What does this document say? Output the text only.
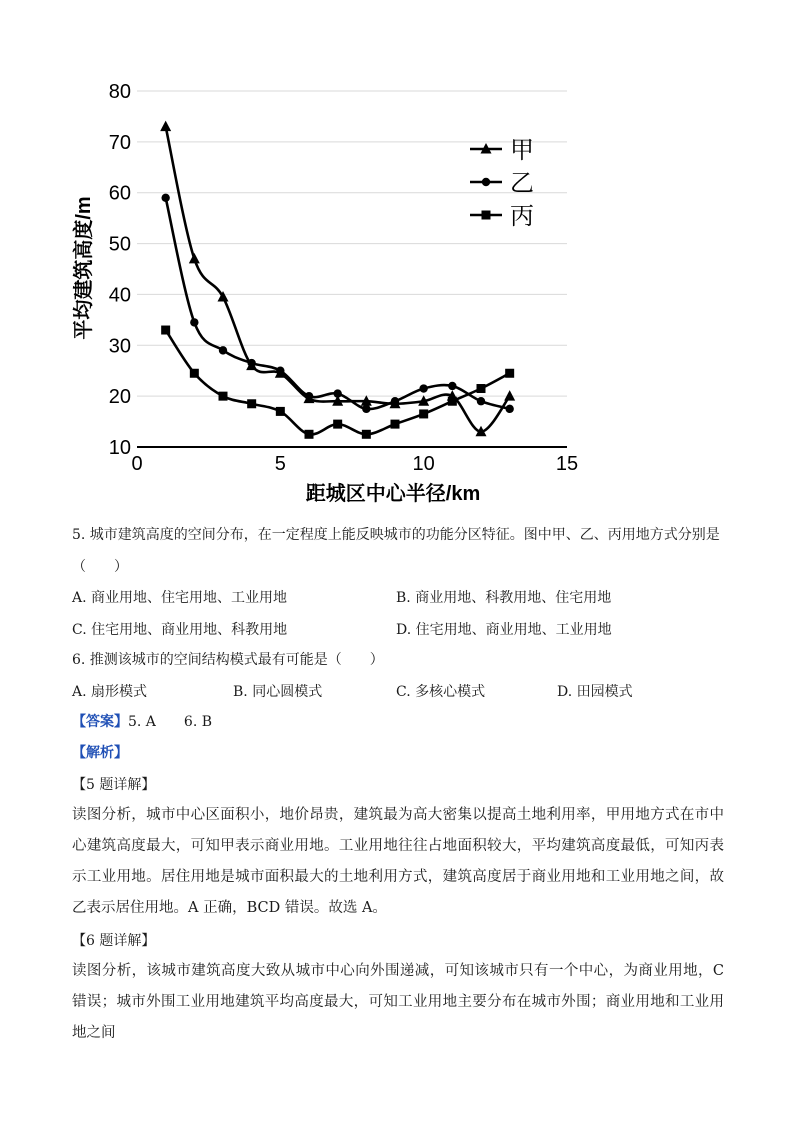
10
20
30
40
50
60
70
80
0	5	10	15
甲
乙
丙
平均建筑高度/m
距城区中心半径/km
5. 城市建筑高度的空间分布，在一定程度上能反映城市的功能分区特征。图中甲、乙、丙用地方式分别是
（　　）
A. 商业用地、住宅用地、工业用地	B. 商业用地、科教用地、住宅用地
C. 住宅用地、商业用地、科教用地	D. 住宅用地、商业用地、工业用地
6. 推测该城市的空间结构模式最有可能是（　　）
A. 扇形模式	B. 同心圆模式	C. 多核心模式	D. 田园模式
【答案】5. A　　6. B
【解析】
【5 题详解】
读图分析，城市中心区面积小，地价昂贵，建筑最为高大密集以提高土地利用率，甲用地方式在市中心建筑高度最大，可知甲表示商业用地。工业用地往往占地面积较大，平均建筑高度最低，可知丙表示工业用地。居住用地是城市面积最大的土地利用方式，建筑高度居于商业用地和工业用地之间，故乙表示居住用地。A 正确，BCD 错误。故选 A。
【6 题详解】
读图分析，该城市建筑高度大致从城市中心向外围递减，可知该城市只有一个中心，为商业用地，C 错误；城市外围工业用地建筑平均高度最大，可知工业用地主要分布在城市外围；商业用地和工业用地之间
